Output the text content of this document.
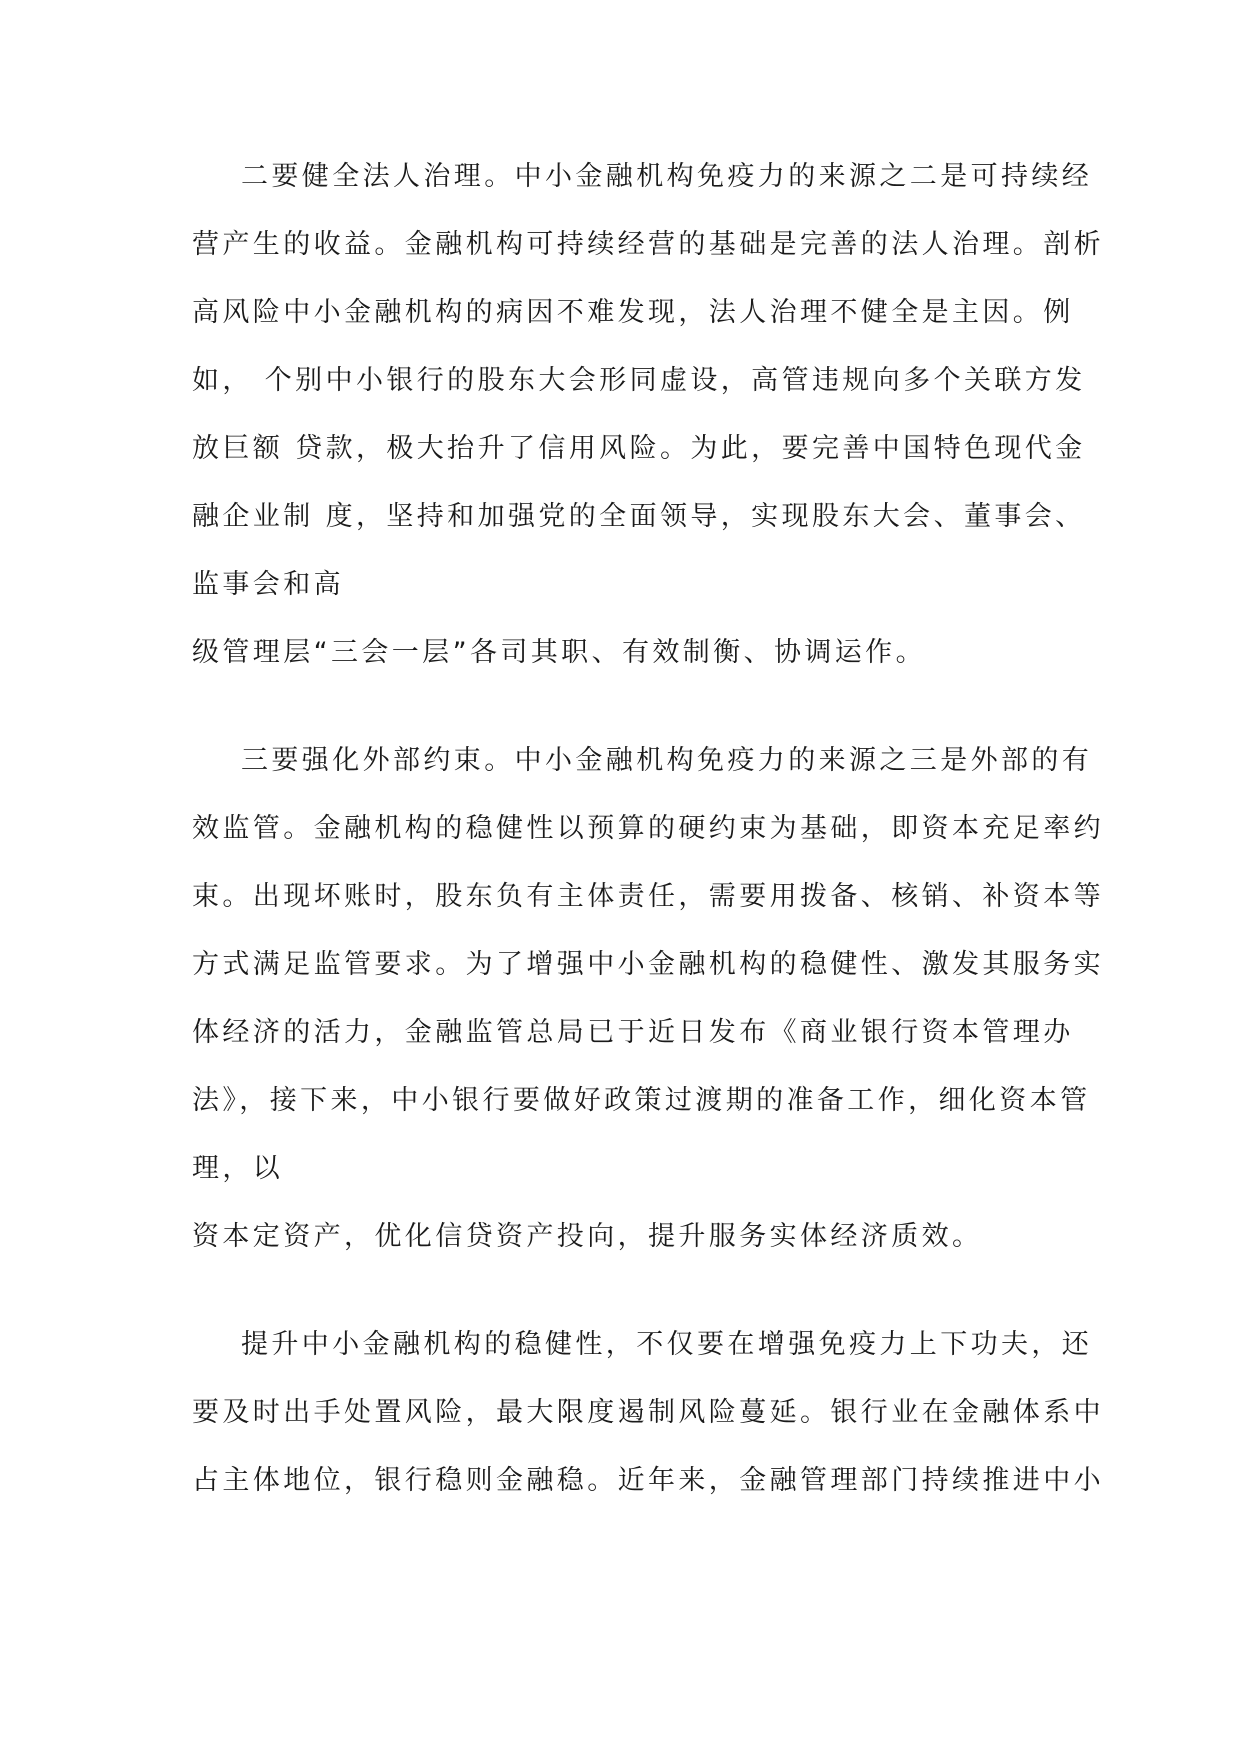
二要健全法人治理。中小金融机构免疫力的来源之二是可持续经

营产生的收益。金融机构可持续经营的基础是完善的法人治理。剖析

高风险中小金融机构的病因不难发现，法人治理不健全是主因。例

如， 个别中小银行的股东大会形同虚设，高管违规向多个关联方发

放巨额 贷款，极大抬升了信用风险。为此，要完善中国特色现代金

融企业制 度，坚持和加强党的全面领导，实现股东大会、董事会、

监事会和高

级管理层“三会一层”各司其职、有效制衡、协调运作。

三要强化外部约束。中小金融机构免疫力的来源之三是外部的有

效监管。金融机构的稳健性以预算的硬约束为基础，即资本充足率约

束。出现坏账时，股东负有主体责任，需要用拨备、核销、补资本等

方式满足监管要求。为了增强中小金融机构的稳健性、激发其服务实

体经济的活力，金融监管总局已于近日发布《商业银行资本管理办

法》，接下来，中小银行要做好政策过渡期的准备工作，细化资本管

理，以

资本定资产，优化信贷资产投向，提升服务实体经济质效。

提升中小金融机构的稳健性，不仅要在增强免疫力上下功夫，还

要及时出手处置风险，最大限度遏制风险蔓延。银行业在金融体系中

占主体地位，银行稳则金融稳。近年来，金融管理部门持续推进中小
